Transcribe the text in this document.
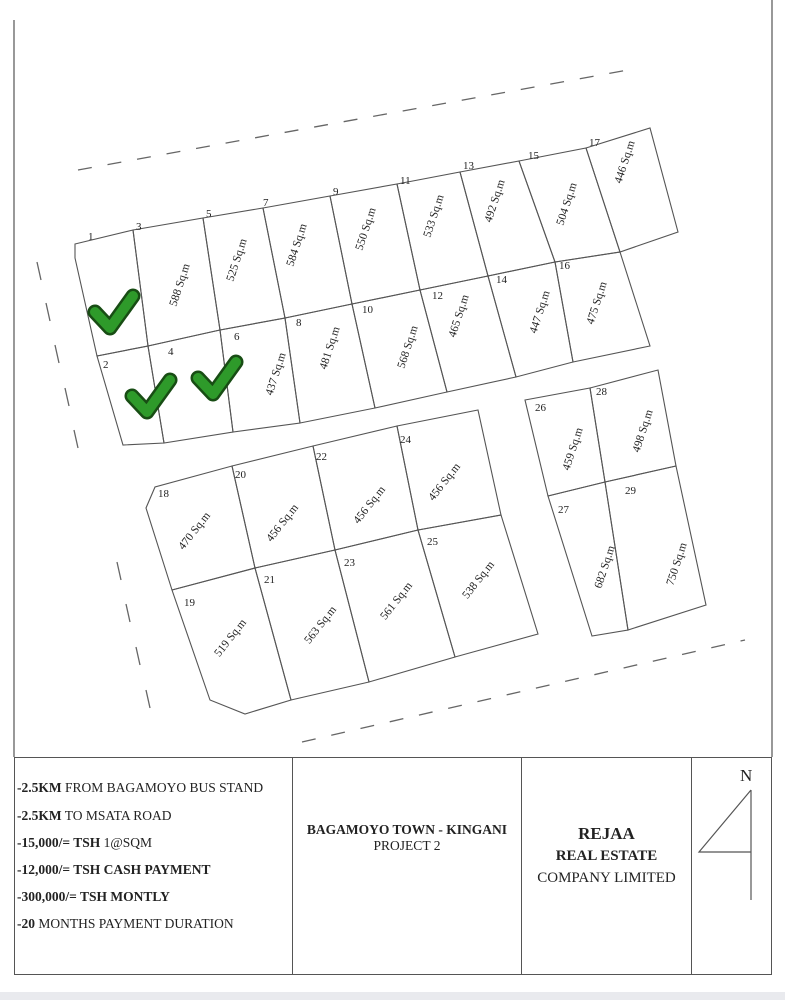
1
2
3
588 Sq.m
4
5
525 Sq.m
6
437 Sq.m
7
584 Sq.m
8
481 Sq.m
9
550 Sq.m
10
568 Sq.m
11
533 Sq.m
12 465 Sq.m
13
492 Sq.m
14
447 Sq.m
15
504 Sq.m
16
475 Sq.m
17 446 Sq.m
18
470 Sq.m
19
519 Sq.m
20
456 Sq.m
21
563 Sq.m
22
456 Sq.m
23
561 Sq.m
24
456 Sq.m
25
538 Sq.m
26
459 Sq.m
27
682 Sq.m
28
498 Sq.m
29
750 Sq.m
-2.5KM FROM BAGAMOYO BUS STAND
-2.5KM TO MSATA ROAD
-15,000/= TSH 1@SQM
-12,000/= TSH CASH PAYMENT
-300,000/= TSH MONTLY
-20 MONTHS PAYMENT DURATION
BAGAMOYO TOWN - KINGANI
PROJECT 2
REJAA
REAL ESTATE
COMPANY LIMITED
N
